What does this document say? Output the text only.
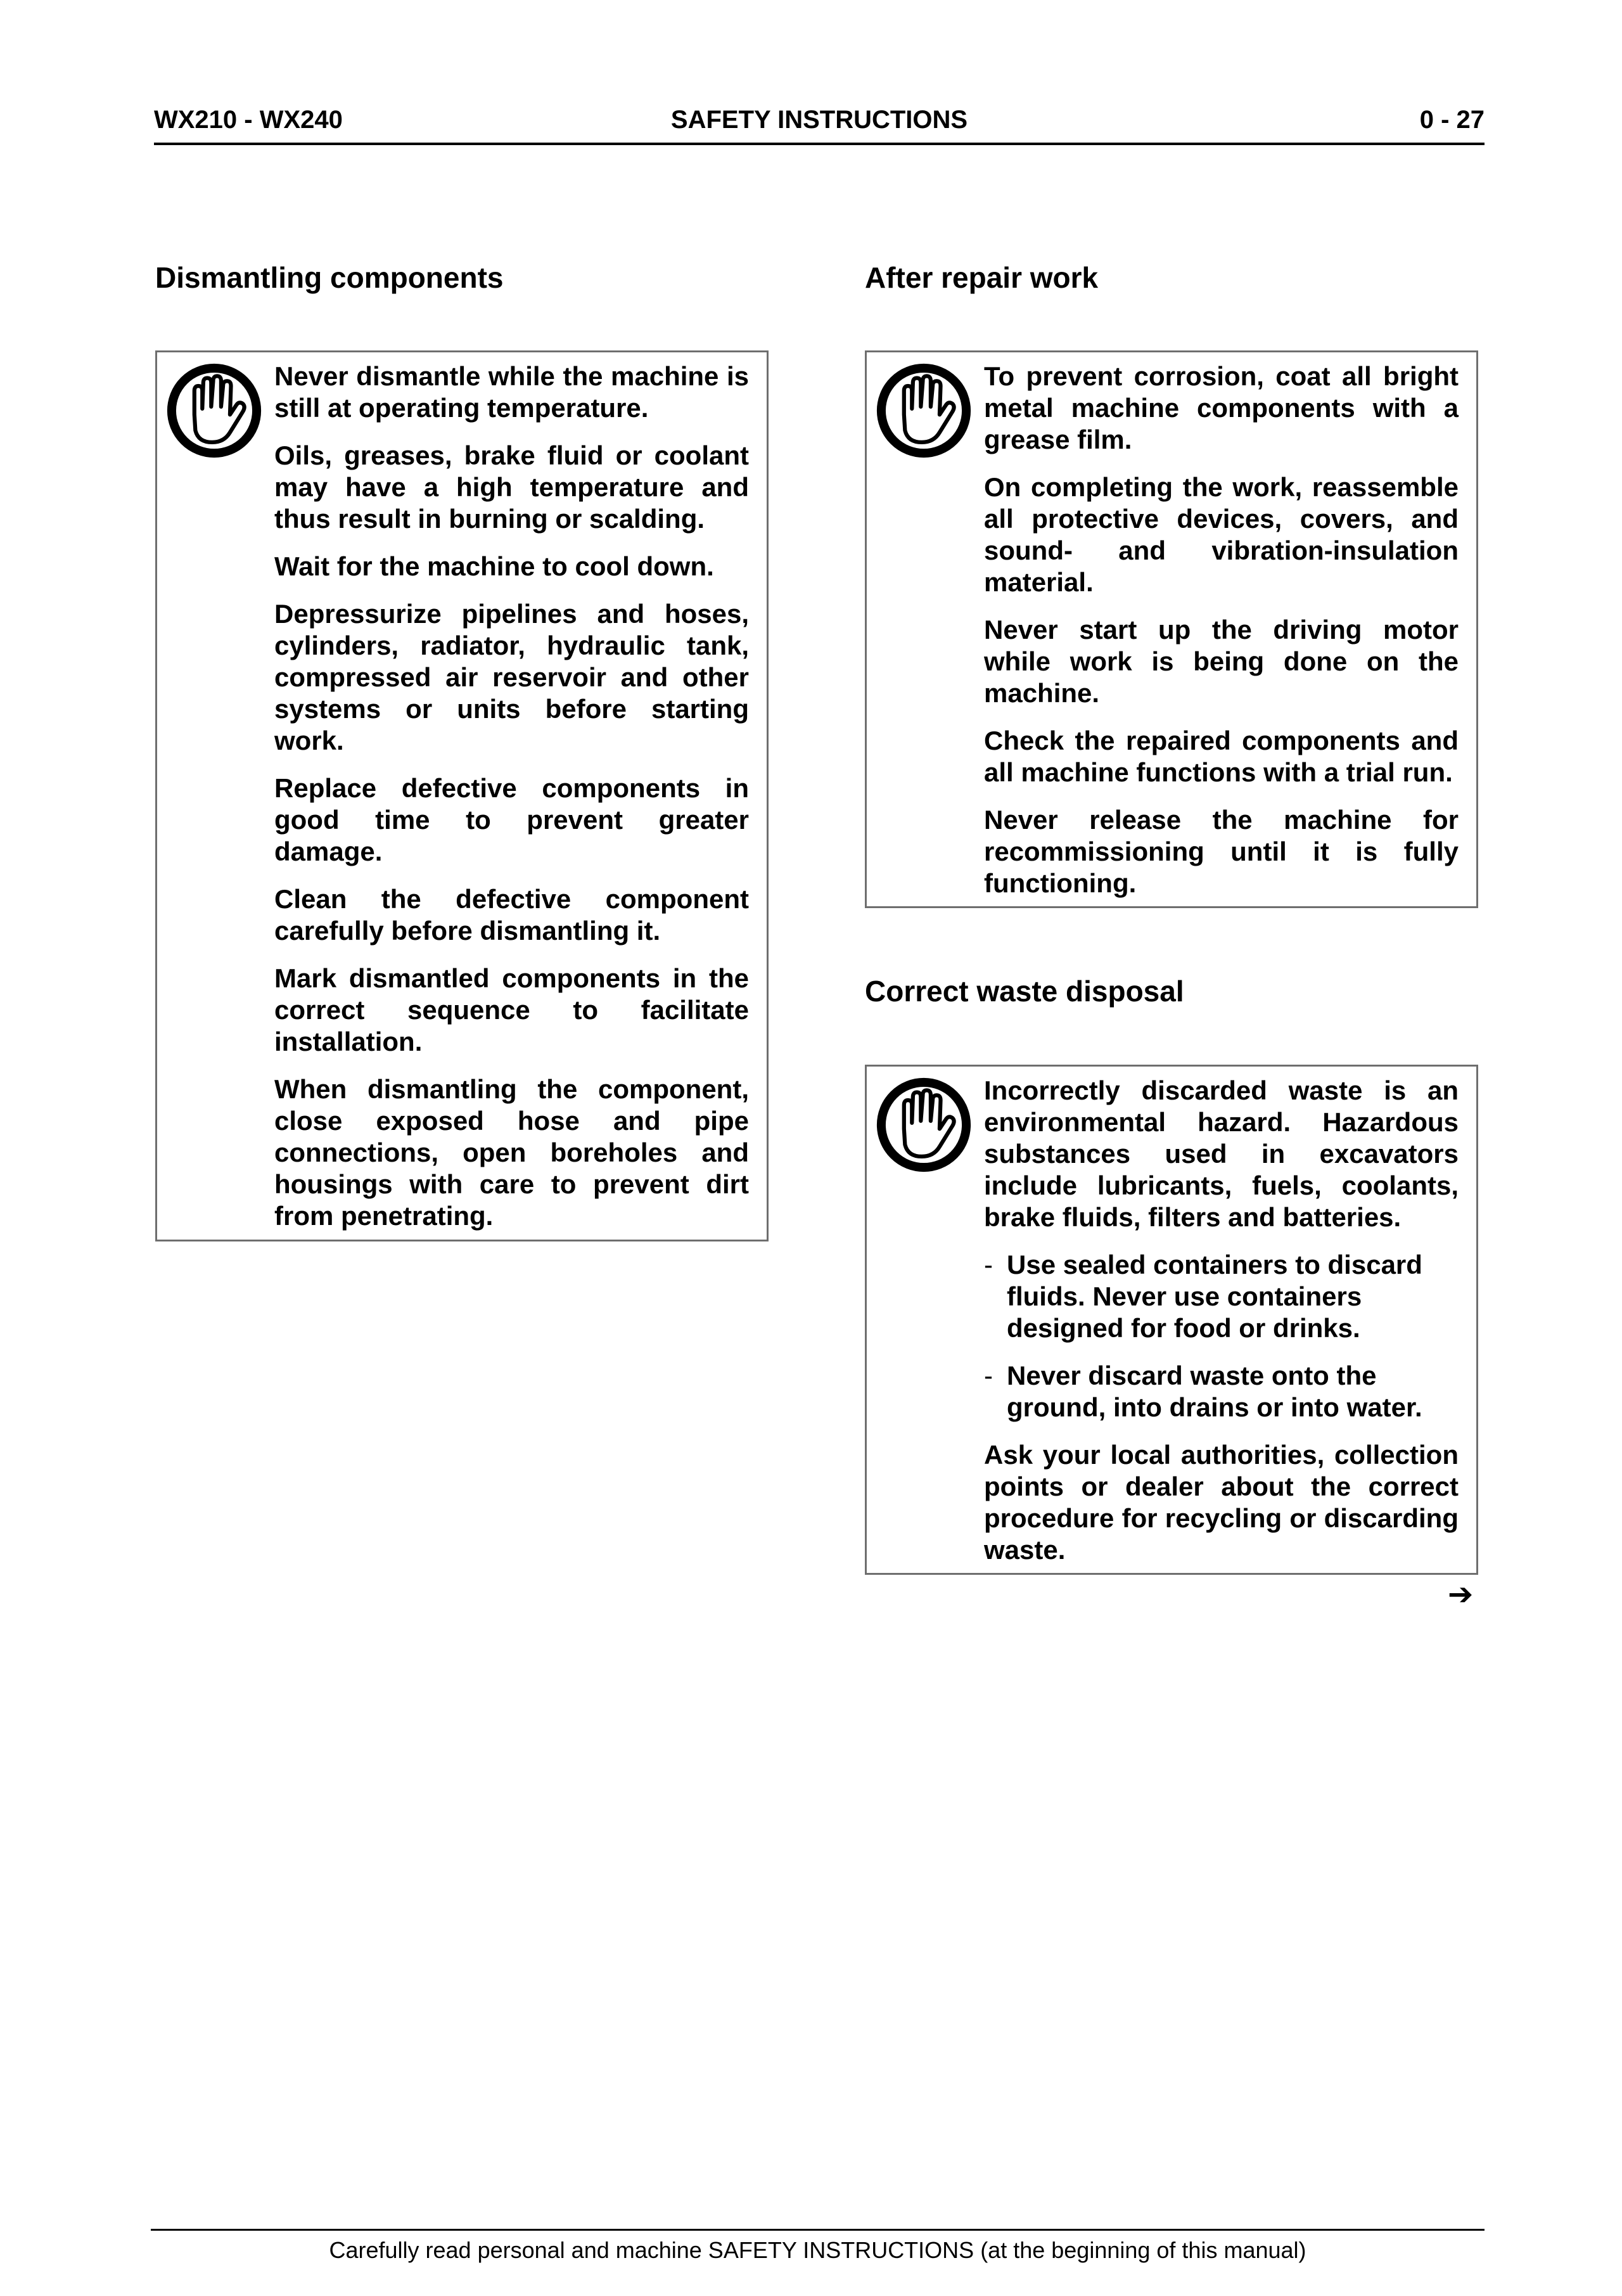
WX210 - WX240	SAFETY INSTRUCTIONS	0 - 27
Dismantling components

Never dismantle while the machine is still at operating temperature.

Oils, greases, brake fluid or coolant may have a high temperature and thus result in burning or scalding.

Wait for the machine to cool down.

Depressurize pipelines and hoses, cylinders, radiator, hydraulic tank, compressed air reservoir and other systems or units before starting work.

Replace defective components in good time to prevent greater damage.

Clean the defective component carefully before dismantling it.

Mark dismantled components in the correct sequence to facilitate installation.

When dismantling the component, close exposed hose and pipe connections, open boreholes and housings with care to prevent dirt from penetrating.

After repair work

To prevent corrosion, coat all bright metal machine components with a grease film.

On completing the work, reassemble all protective devices, covers, and sound- and vibration-insulation material.

Never start up the driving motor while work is being done on the machine.

Check the repaired components and all machine functions with a trial run.

Never release the machine for recommissioning until it is fully functioning.

Correct waste disposal

Incorrectly discarded waste is an environmental hazard. Hazardous substances used in excavators include lubricants, fuels, coolants, brake fluids, filters and batteries.

- Use sealed containers to discard fluids. Never use containers designed for food or drinks.
- Never discard waste onto the ground, into drains or into water.

Ask your local authorities, collection points or dealer about the correct procedure for recycling or discarding waste.

➔
Carefully read personal and machine SAFETY INSTRUCTIONS (at the beginning of this manual)
